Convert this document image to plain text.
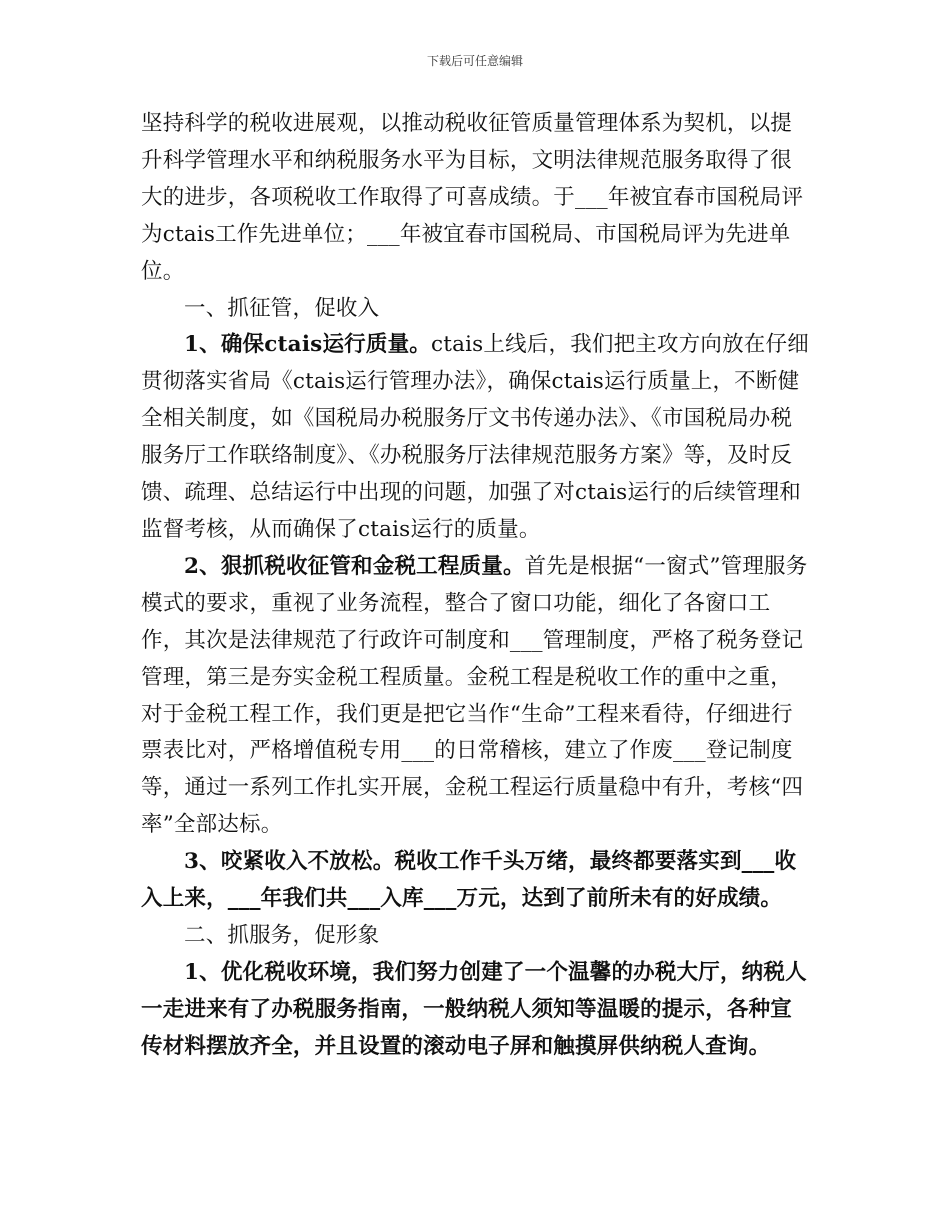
下载后可任意编辑

坚持科学的税收进展观，以推动税收征管质量管理体系为契机，以提升科学管理水平和纳税服务水平为目标，文明法律规范服务取得了很大的进步，各项税收工作取得了可喜成绩。于___年被宜春市国税局评为ctais工作先进单位；___年被宜春市国税局、市国税局评为先进单位。

一、抓征管，促收入

1、确保ctais运行质量。ctais上线后，我们把主攻方向放在仔细贯彻落实省局《ctais运行管理办法》，确保ctais运行质量上，不断健全相关制度，如《国税局办税服务厅文书传递办法》、《市国税局办税服务厅工作联络制度》、《办税服务厅法律规范服务方案》等，及时反馈、疏理、总结运行中出现的问题，加强了对ctais运行的后续管理和监督考核，从而确保了ctais运行的质量。

2、狠抓税收征管和金税工程质量。首先是根据“一窗式”管理服务模式的要求，重视了业务流程，整合了窗口功能，细化了各窗口工作，其次是法律规范了行政许可制度和___管理制度，严格了税务登记管理，第三是夯实金税工程质量。金税工程是税收工作的重中之重，对于金税工程工作，我们更是把它当作“生命”工程来看待，仔细进行票表比对，严格增值税专用___的日常稽核，建立了作废___登记制度等，通过一系列工作扎实开展，金税工程运行质量稳中有升，考核“四率”全部达标。

3、咬紧收入不放松。税收工作千头万绪，最终都要落实到___收入上来，___年我们共___入库___万元，达到了前所未有的好成绩。

二、抓服务，促形象

1、优化税收环境，我们努力创建了一个温馨的办税大厅，纳税人一走进来有了办税服务指南，一般纳税人须知等温暖的提示，各种宣传材料摆放齐全，并且设置的滚动电子屏和触摸屏供纳税人查询。
